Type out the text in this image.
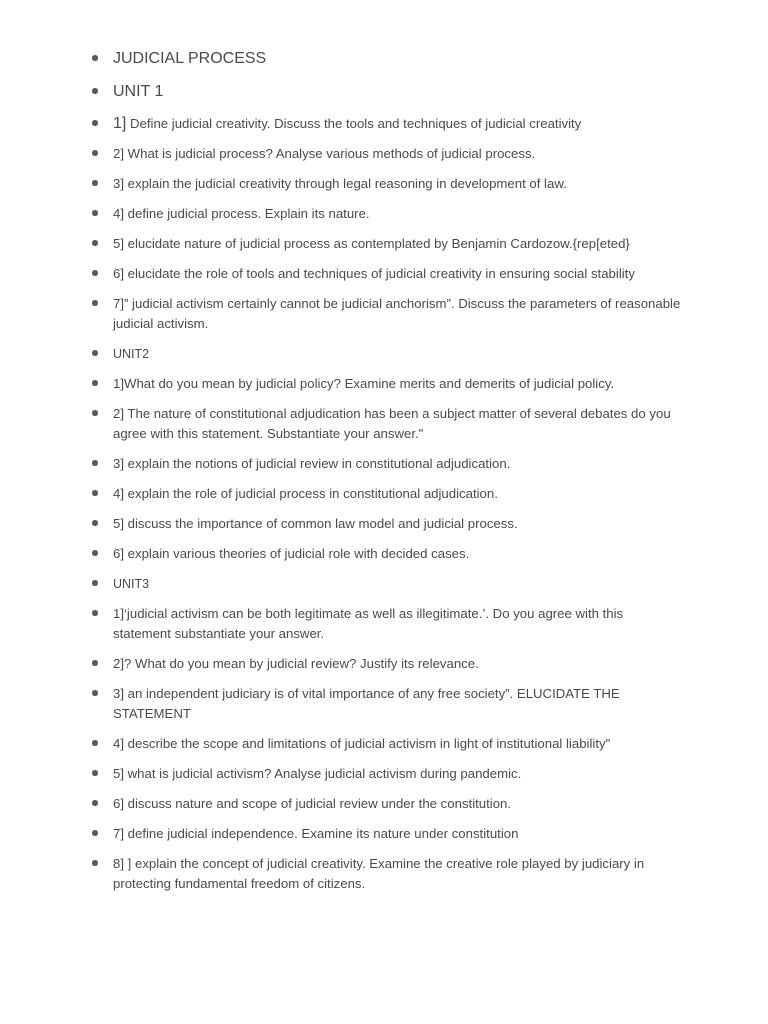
JUDICIAL PROCESS
UNIT 1
1] Define judicial creativity. Discuss the tools and techniques of judicial creativity
2] What is judicial process? Analyse various methods of judicial process.
3] explain the judicial creativity through legal reasoning in development of law.
4] define judicial process. Explain its nature.
5] elucidate nature of judicial process as contemplated by Benjamin Cardozow.{rep[eted}
6] elucidate the role of tools and techniques of judicial creativity in ensuring social stability
7]” judicial activism certainly cannot be judicial anchorism”. Discuss the parameters of reasonable judicial activism.
UNIT2
1]What do you mean by judicial policy? Examine merits and demerits of judicial policy.
2] The nature of constitutional adjudication has been a subject matter of several debates do you agree with this statement. Substantiate your answer."
3] explain the notions of judicial review in constitutional adjudication.
4] explain the role of judicial process in constitutional adjudication.
5] discuss the importance of common law model and judicial process.
6] explain various theories of judicial role with decided cases.
UNIT3
1]‘judicial activism can be both legitimate as well as illegitimate.’. Do you agree with this statement substantiate your answer.
2]? What do you mean by judicial review? Justify its relevance.
3] an independent judiciary is of vital importance of any free society”. ELUCIDATE THE STATEMENT
4] describe the scope and limitations of judicial activism in light of institutional liability"
5] what is judicial activism? Analyse judicial activism during pandemic.
6] discuss nature and scope of judicial review under the constitution.
7] define judicial independence. Examine its nature under constitution
8] ] explain the concept of judicial creativity. Examine the creative role played by judiciary in protecting fundamental freedom of citizens.
